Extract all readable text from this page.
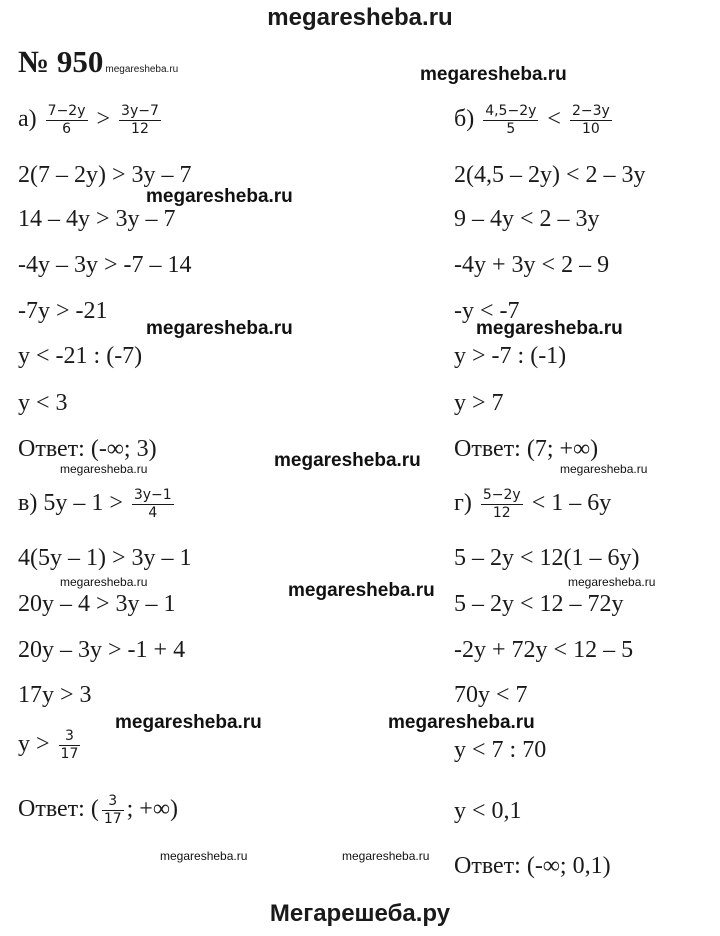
megaresheba.ru
№ 950 megaresheba.ru
$а) \frac{7-2y}{6} > \frac{3y-7}{12}$
2(7 – 2y) > 3y – 7
14 – 4y > 3y – 7
-4y – 3y > -7 – 14
-7y > -21
y < -21 : (-7)
y < 3
Ответ: (-∞; 3)
$б) \frac{4,5-2y}{5} < \frac{2-3y}{10}$
2(4,5 – 2y) < 2 – 3y
9 – 4y < 2 – 3y
-4y + 3y < 2 – 9
-y < -7
y > -7 : (-1)
y > 7
Ответ: (7; +∞)
в) $5y - 1 > \frac{3y-1}{4}$
4(5y – 1) > 3y – 1
20y – 4 > 3y – 1
20y – 3y > -1 + 4
17y > 3
$y > \frac{3}{17}$
Ответ: ( $\frac{3}{17}$ ; +∞)
$г) \frac{5-2y}{12} < 1 - 6y$
5 – 2y < 12(1 – 6y)
5 – 2y < 12 – 72y
-2y + 72y < 12 – 5
70y < 7
y < 7 : 70
y < 0,1
Ответ: (-∞; 0,1)
megaresheba.ru
megaresheba.ru
megaresheba.ru	megaresheba.ru
megaresheba.ru
megaresheba.ru
megaresheba.ru	megaresheba.ru
megaresheba.ru	megaresheba.ru
megaresheba.ru	megaresheba.ru
megaresheba.ru	megaresheba.ru
Мегарешеба.ру
